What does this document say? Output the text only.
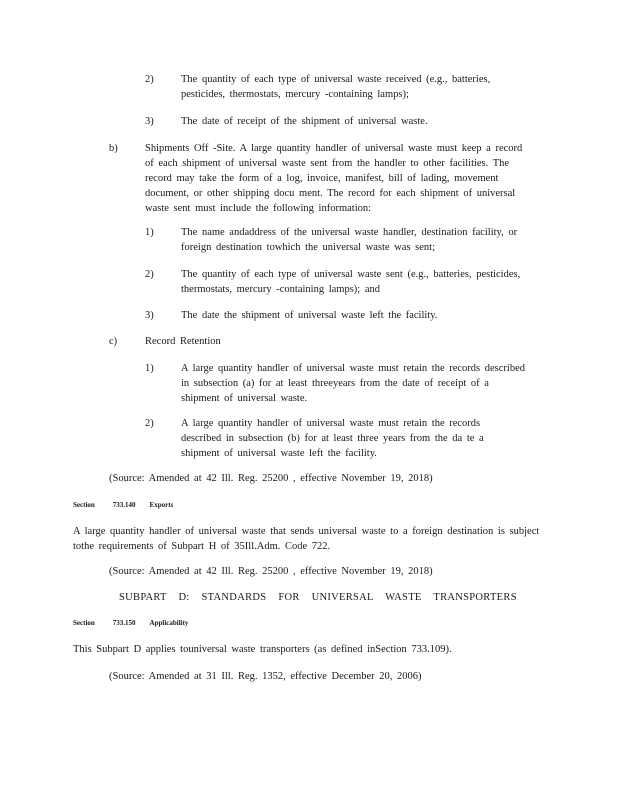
2)	The quantity of each type of universal waste received (e.g., batteries, pesticides, thermostats, mercury -containing lamps);
3)	The date of receipt of the shipment of universal waste.
b)	Shipments Off -Site. A large quantity handler of universal waste must keep a record of each shipment of universal waste sent from the handler to other facilities. The record may take the form of a log, invoice, manifest, bill of lading, movement document, or other shipping docu ment. The record for each shipment of universal waste sent must include the following information:
1)	The name andaddress of the universal waste handler, destination facility, or foreign destination towhich the universal waste was sent;
2)	The quantity of each type of universal waste sent (e.g., batteries, pesticides, thermostats, mercury -containing lamps); and
3)	The date the shipment of universal waste left the facility.
c)	Record Retention
1)	A large quantity handler of universal waste must retain the records described in subsection (a) for at least threeyears from the date of receipt of a shipment of universal waste.
2)	A large quantity handler of universal waste must retain the records described in subsection (b) for at least three years from the da te a shipment of universal waste left the facility.
(Source: Amended at 42 Ill. Reg. 25200 , effective November 19, 2018)
Section	733.140 Exports
A large quantity handler of universal waste that sends universal waste to a foreign destination is subject tothe requirements of Subpart H of 35Ill.Adm. Code 722.
(Source: Amended at 42 Ill. Reg. 25200 , effective November 19, 2018)
SUBPART D: STANDARDS FOR UNIVERSAL WASTE TRANSPORTERS
Section	733.150 Applicability
This Subpart D applies touniversal waste transporters (as defined inSection 733.109).
(Source: Amended at 31 Ill. Reg. 1352, effective December 20, 2006)
